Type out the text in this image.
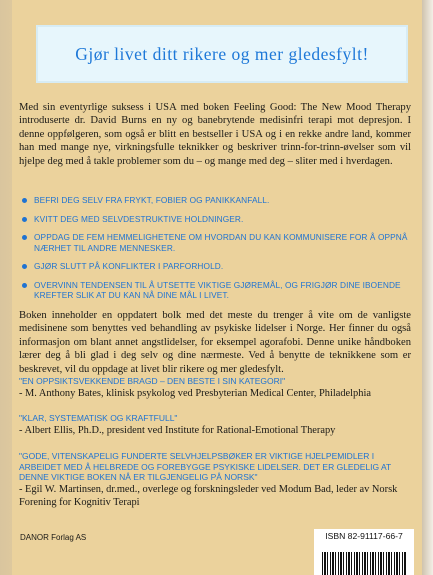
Gjør livet ditt rikere og mer gledesfylt!

Med sin eventyrlige suksess i USA med boken Feeling Good: The New Mood Therapy introduserte dr. David Burns en ny og banebrytende medisinfri terapi mot depresjon. I denne oppfølgeren, som også er blitt en bestseller i USA og i en rekke andre land, kommer han med mange nye, virkningsfulle teknikker og beskriver trinn-for-trinn-øvelser som vil hjelpe deg med å takle problemer som du – og mange med deg – sliter med i hverdagen.

BEFRI DEG SELV FRA FRYKT, FOBIER OG PANIKKANFALL.
KVITT DEG MED SELVDESTRUKTIVE HOLDNINGER.
OPPDAG DE FEM HEMMELIGHETENE OM HVORDAN DU KAN KOMMUNISERE FOR Å OPPNÅ NÆRHET TIL ANDRE MENNESKER.
GJØR SLUTT PÅ KONFLIKTER I PARFORHOLD.
OVERVINN TENDENSEN TIL Å UTSETTE VIKTIGE GJØREMÅL, OG FRIGJØR DINE IBOENDE KREFTER SLIK AT DU KAN NÅ DINE MÅL I LIVET.

Boken inneholder en oppdatert bolk med det meste du trenger å vite om de vanligste medisinene som benyttes ved behandling av psykiske lidelser i Norge. Her finner du også informasjon om blant annet angstlidelser, for eksempel agorafobi. Denne unike håndboken lærer deg å bli glad i deg selv og dine nærmeste. Ved å benytte de teknikkene som er beskrevet, vil du oppdage at livet blir rikere og mer gledesfylt.

"EN OPPSIKTSVEKKENDE BRAGD – DEN BESTE I SIN KATEGORI"

- M. Anthony Bates, klinisk psykolog ved Presbyterian Medical Center, Philadelphia

"KLAR, SYSTEMATISK OG KRAFTFULL"

- Albert Ellis, Ph.D., president ved Institute for Rational-Emotional Therapy

"GODE, VITENSKAPELIG FUNDERTE SELVHJELPSBØKER ER VIKTIGE HJELPEMIDLER I ARBEIDET MED Å HELBREDE OG FOREBYGGE PSYKISKE LIDELSER. DET ER GLEDELIG AT DENNE VIKTIGE BOKEN NÅ ER TILGJENGELIG PÅ NORSK"

- Egil W. Martinsen, dr.med., overlege og forskningsleder ved Modum Bad, leder av Norsk Forening for Kognitiv Terapi

DANOR Forlag AS	ISBN 82-91117-66-7
